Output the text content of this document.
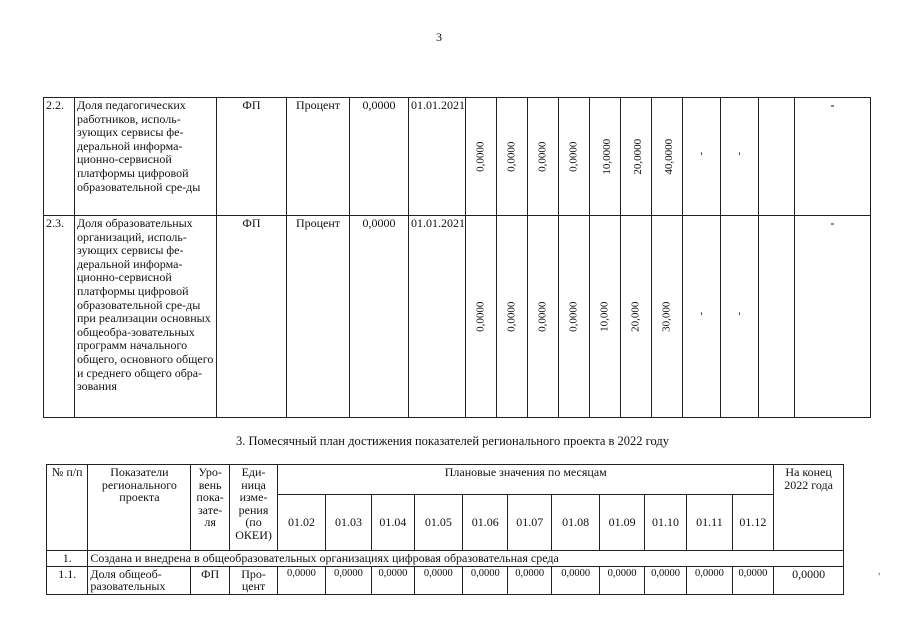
3
2.2.	Доля педагогических работников, исполь-зующих сервисы фе-деральной информа-ционно-сервисной платформы цифровой образовательной сре-ды	ФП	Процент	0,0000	01.01.2021	0,0000	0,0000	0,0000	0,0000	10,0000	20,0000	40,0000	'	'		-
2.3.	Доля образовательных организаций, исполь-зующих сервисы фе-деральной информа-ционно-сервисной платформы цифровой образовательной сре-ды при реализации основных общеобра-зовательных программ начального общего, основного общего и среднего общего обра-зования	ФП	Процент	0,0000	01.01.2021	0,0000	0,0000	0,0000	0,0000	10,000	20,000	30,000	'	'		-
3. Помесячный план достижения показателей регионального проекта в 2022 году
№ п/п	Показатели регионального проекта	Уро-вень пока-зате-ля	Еди-ница изме-рения (по ОКЕИ)	Плановые значения по месяцам											На конец 2022 года
				01.02	01.03	01.04	01.05	01.06	01.07	01.08	01.09	01.10	01.11	01.12	
1.	Создана и внедрена в общеобразовательных организациях цифровая образовательная среда														
1.1.	Доля общеоб-разовательных	ФП	Про-цент	0,0000	0,0000	0,0000	0,0000	0,0000	0,0000	0,0000	0,0000	0,0000	0,0000	0,0000	0,0000	,
